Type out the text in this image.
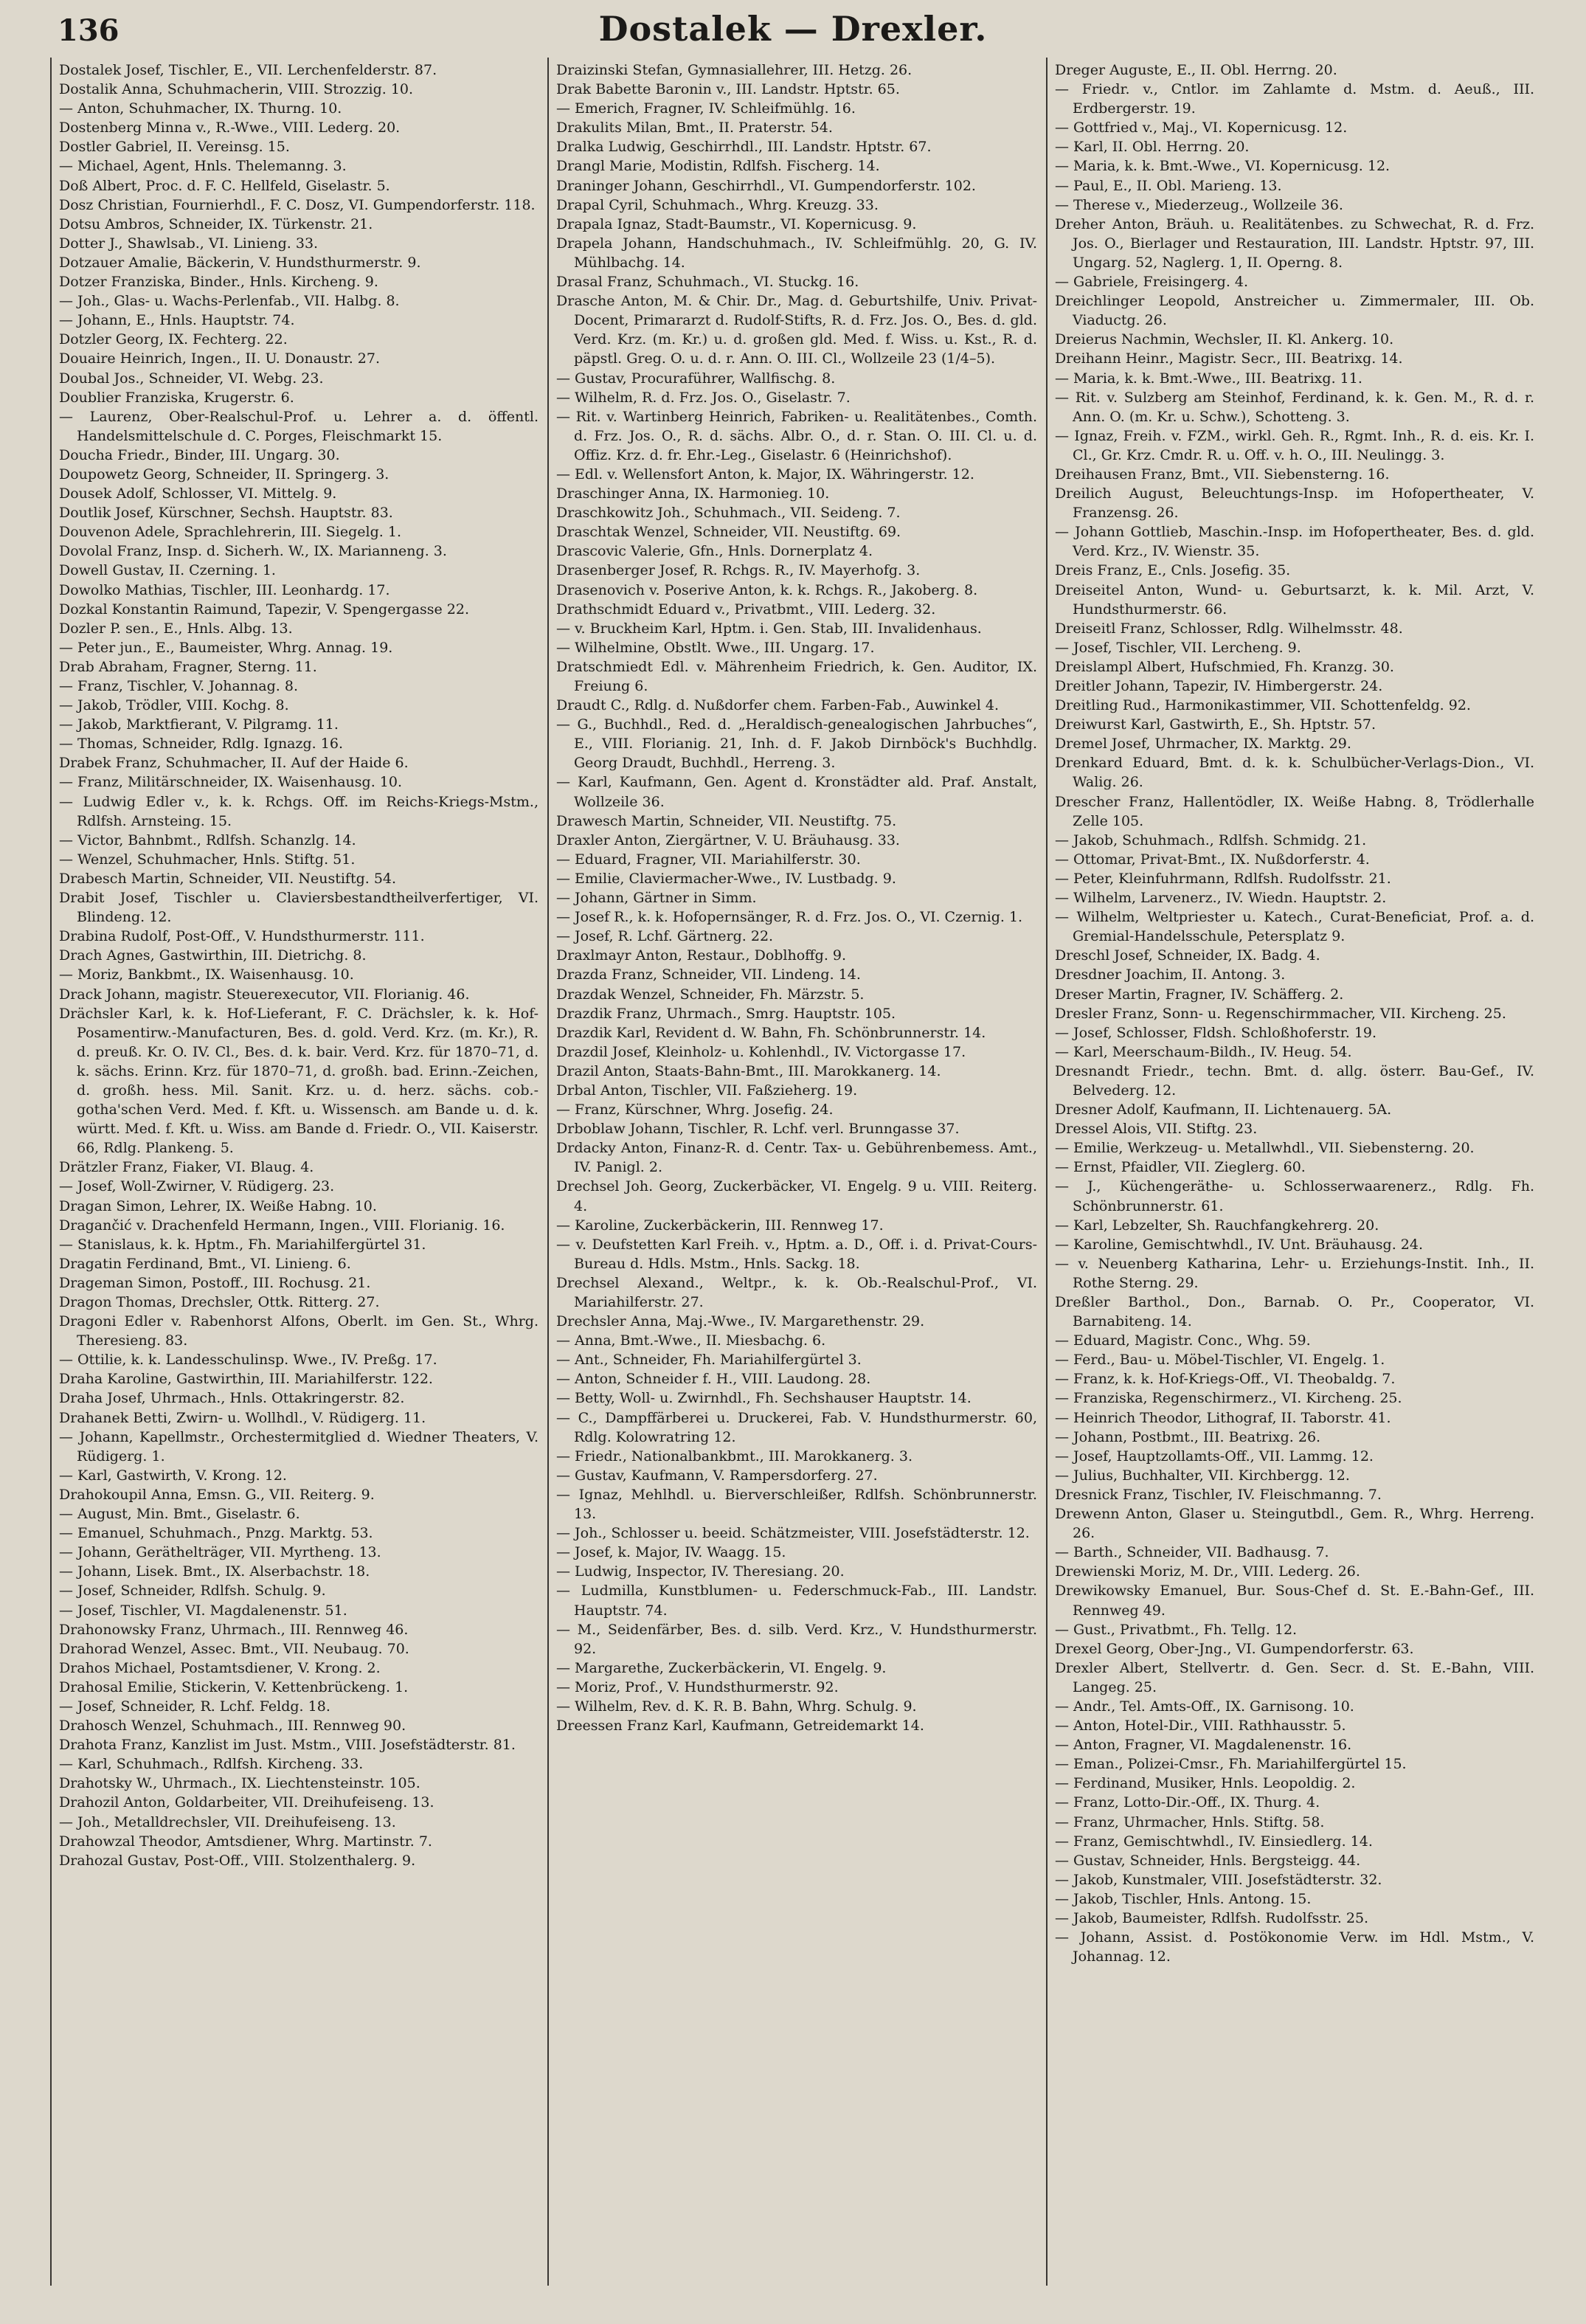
136	Dostalek — Drexler.

Dostalek Josef, Tischler, E., VII. Lerchenfelderstr. 87.

Dostalik Anna, Schuhmacherin, VIII. Strozzig. 10.

— Anton, Schuhmacher, IX. Thurng. 10.

Dostenberg Minna v., R.-Wwe., VIII. Lederg. 20.

Dostler Gabriel, II. Vereinsg. 15.

— Michael, Agent, Hnls. Thelemanng. 3.

Doß Albert, Proc. d. F. C. Hellfeld, Giselastr. 5.

Dosz Christian, Fournierhdl., F. C. Dosz, VI. Gumpendorferstr. 118.

Dotsu Ambros, Schneider, IX. Türkenstr. 21.

Dotter J., Shawlsab., VI. Linieng. 33.

Dotzauer Amalie, Bäckerin, V. Hundsthurmerstr. 9.

Dotzer Franziska, Binder., Hnls. Kircheng. 9.

— Joh., Glas- u. Wachs-Perlenfab., VII. Halbg. 8.

— Johann, E., Hnls. Hauptstr. 74.

Dotzler Georg, IX. Fechterg. 22.

Douaire Heinrich, Ingen., II. U. Donaustr. 27.

Doubal Jos., Schneider, VI. Webg. 23.

Doublier Franziska, Krugerstr. 6.

— Laurenz, Ober-Realschul-Prof. u. Lehrer a. d. öffentl. Handelsmittelschule d. C. Porges, Fleischmarkt 15.

Doucha Friedr., Binder, III. Ungarg. 30.

Doupowetz Georg, Schneider, II. Springerg. 3.

Dousek Adolf, Schlosser, VI. Mittelg. 9.

Doutlik Josef, Kürschner, Sechsh. Hauptstr. 83.

Douvenon Adele, Sprachlehrerin, III. Siegelg. 1.

Dovolal Franz, Insp. d. Sicherh. W., IX. Marianneng. 3.

Dowell Gustav, II. Czerning. 1.

Dowolko Mathias, Tischler, III. Leonhardg. 17.

Dozkal Konstantin Raimund, Tapezir, V. Spengergasse 22.

Dozler P. sen., E., Hnls. Albg. 13.

— Peter jun., E., Baumeister, Whrg. Annag. 19.

Drab Abraham, Fragner, Sterng. 11.

— Franz, Tischler, V. Johannag. 8.

— Jakob, Trödler, VIII. Kochg. 8.

— Jakob, Marktfierant, V. Pilgramg. 11.

— Thomas, Schneider, Rdlg. Ignazg. 16.

Drabek Franz, Schuhmacher, II. Auf der Haide 6.

— Franz, Militärschneider, IX. Waisenhausg. 10.

— Ludwig Edler v., k. k. Rchgs. Off. im Reichs-Kriegs-Mstm., Rdlfsh. Arnsteing. 15.

— Victor, Bahnbmt., Rdlfsh. Schanzlg. 14.

— Wenzel, Schuhmacher, Hnls. Stiftg. 51.

Drabesch Martin, Schneider, VII. Neustiftg. 54.

Drabit Josef, Tischler u. Claviersbestandtheilverfertiger, VI. Blindeng. 12.

Drabina Rudolf, Post-Off., V. Hundsthurmerstr. 111.

Drach Agnes, Gastwirthin, III. Dietrichg. 8.

— Moriz, Bankbmt., IX. Waisenhausg. 10.

Drack Johann, magistr. Steuerexecutor, VII. Florianig. 46.

Drächsler Karl, k. k. Hof-Lieferant, F. C. Drächsler, k. k. Hof-Posamentirw.-Manufacturen, Bes. d. gold. Verd. Krz. (m. Kr.), R. d. preuß. Kr. O. IV. Cl., Bes. d. k. bair. Verd. Krz. für 1870–71, d. k. sächs. Erinn. Krz. für 1870–71, d. großh. bad. Erinn.-Zeichen, d. großh. hess. Mil. Sanit. Krz. u. d. herz. sächs. cob.-gotha'schen Verd. Med. f. Kft. u. Wissensch. am Bande u. d. k. württ. Med. f. Kft. u. Wiss. am Bande d. Friedr. O., VII. Kaiserstr. 66, Rdlg. Plankeng. 5.

Drätzler Franz, Fiaker, VI. Blaug. 4.

— Josef, Woll-Zwirner, V. Rüdigerg. 23.

Dragan Simon, Lehrer, IX. Weiße Habng. 10.

Dragančić v. Drachenfeld Hermann, Ingen., VIII. Florianig. 16.

— Stanislaus, k. k. Hptm., Fh. Mariahilfergürtel 31.

Dragatin Ferdinand, Bmt., VI. Linieng. 6.

Drageman Simon, Postoff., III. Rochusg. 21.

Dragon Thomas, Drechsler, Ottk. Ritterg. 27.

Dragoni Edler v. Rabenhorst Alfons, Oberlt. im Gen. St., Whrg. Theresieng. 83.

— Ottilie, k. k. Landesschulinsp. Wwe., IV. Preßg. 17.

Draha Karoline, Gastwirthin, III. Mariahilferstr. 122.

Draha Josef, Uhrmach., Hnls. Ottakringerstr. 82.

Drahanek Betti, Zwirn- u. Wollhdl., V. Rüdigerg. 11.

— Johann, Kapellmstr., Orchestermitglied d. Wiedner Theaters, V. Rüdigerg. 1.

— Karl, Gastwirth, V. Krong. 12.

Drahokoupil Anna, Emsn. G., VII. Reiterg. 9.

— August, Min. Bmt., Giselastr. 6.

— Emanuel, Schuhmach., Pnzg. Marktg. 53.

— Johann, Geräthelträger, VII. Myrtheng. 13.

— Johann, Lisek. Bmt., IX. Alserbachstr. 18.

— Josef, Schneider, Rdlfsh. Schulg. 9.

— Josef, Tischler, VI. Magdalenenstr. 51.

Drahonowsky Franz, Uhrmach., III. Rennweg 46.

Drahorad Wenzel, Assec. Bmt., VII. Neubaug. 70.

Drahos Michael, Postamtsdiener, V. Krong. 2.

Drahosal Emilie, Stickerin, V. Kettenbrückeng. 1.

— Josef, Schneider, R. Lchf. Feldg. 18.

Drahosch Wenzel, Schuhmach., III. Rennweg 90.

Drahota Franz, Kanzlist im Just. Mstm., VIII. Josefstädterstr. 81.

— Karl, Schuhmach., Rdlfsh. Kircheng. 33.

Drahotsky W., Uhrmach., IX. Liechtensteinstr. 105.

Drahozil Anton, Goldarbeiter, VII. Dreihufeiseng. 13.

— Joh., Metalldrechsler, VII. Dreihufeiseng. 13.

Drahowzal Theodor, Amtsdiener, Whrg. Martinstr. 7.

Drahozal Gustav, Post-Off., VIII. Stolzenthalerg. 9.

Draizinski Stefan, Gymnasiallehrer, III. Hetzg. 26.

Drak Babette Baronin v., III. Landstr. Hptstr. 65.

— Emerich, Fragner, IV. Schleifmühlg. 16.

Drakulits Milan, Bmt., II. Praterstr. 54.

Dralka Ludwig, Geschirrhdl., III. Landstr. Hptstr. 67.

Drangl Marie, Modistin, Rdlfsh. Fischerg. 14.

Draninger Johann, Geschirrhdl., VI. Gumpendorferstr. 102.

Drapal Cyril, Schuhmach., Whrg. Kreuzg. 33.

Drapala Ignaz, Stadt-Baumstr., VI. Kopernicusg. 9.

Drapela Johann, Handschuhmach., IV. Schleifmühlg. 20, G. IV. Mühlbachg. 14.

Drasal Franz, Schuhmach., VI. Stuckg. 16.

Drasche Anton, M. & Chir. Dr., Mag. d. Geburtshilfe, Univ. Privat-Docent, Primararzt d. Rudolf-Stifts, R. d. Frz. Jos. O., Bes. d. gld. Verd. Krz. (m. Kr.) u. d. großen gld. Med. f. Wiss. u. Kst., R. d. päpstl. Greg. O. u. d. r. Ann. O. III. Cl., Wollzeile 23 (1/4–5).

— Gustav, Procuraführer, Wallfischg. 8.

— Wilhelm, R. d. Frz. Jos. O., Giselastr. 7.

— Rit. v. Wartinberg Heinrich, Fabriken- u. Realitätenbes., Comth. d. Frz. Jos. O., R. d. sächs. Albr. O., d. r. Stan. O. III. Cl. u. d. Offiz. Krz. d. fr. Ehr.-Leg., Giselastr. 6 (Heinrichshof).

— Edl. v. Wellensfort Anton, k. Major, IX. Währingerstr. 12.

Draschinger Anna, IX. Harmonieg. 10.

Draschkowitz Joh., Schuhmach., VII. Seideng. 7.

Draschtak Wenzel, Schneider, VII. Neustiftg. 69.

Drascovic Valerie, Gfn., Hnls. Dornerplatz 4.

Drasenberger Josef, R. Rchgs. R., IV. Mayerhofg. 3.

Drasenovich v. Poserive Anton, k. k. Rchgs. R., Jakoberg. 8.

Drathschmidt Eduard v., Privatbmt., VIII. Lederg. 32.

— v. Bruckheim Karl, Hptm. i. Gen. Stab, III. Invalidenhaus.

— Wilhelmine, Obstlt. Wwe., III. Ungarg. 17.

Dratschmiedt Edl. v. Mährenheim Friedrich, k. Gen. Auditor, IX. Freiung 6.

Draudt C., Rdlg. d. Nußdorfer chem. Farben-Fab., Auwinkel 4.

— G., Buchhdl., Red. d. „Heraldisch-genealogischen Jahrbuches“, E., VIII. Florianig. 21, Inh. d. F. Jakob Dirnböck's Buchhdlg. Georg Draudt, Buchhdl., Herreng. 3.

— Karl, Kaufmann, Gen. Agent d. Kronstädter ald. Praf. Anstalt, Wollzeile 36.

Drawesch Martin, Schneider, VII. Neustiftg. 75.

Draxler Anton, Ziergärtner, V. U. Bräuhausg. 33.

— Eduard, Fragner, VII. Mariahilferstr. 30.

— Emilie, Claviermacher-Wwe., IV. Lustbadg. 9.

— Johann, Gärtner in Simm.

— Josef R., k. k. Hofopernsänger, R. d. Frz. Jos. O., VI. Czernig. 1.

— Josef, R. Lchf. Gärtnerg. 22.

Draxlmayr Anton, Restaur., Doblhoffg. 9.

Drazda Franz, Schneider, VII. Lindeng. 14.

Drazdak Wenzel, Schneider, Fh. Märzstr. 5.

Drazdik Franz, Uhrmach., Smrg. Hauptstr. 105.

Drazdik Karl, Revident d. W. Bahn, Fh. Schönbrunnerstr. 14.

Drazdil Josef, Kleinholz- u. Kohlenhdl., IV. Victorgasse 17.

Drazil Anton, Staats-Bahn-Bmt., III. Marokkanerg. 14.

Drbal Anton, Tischler, VII. Faßzieherg. 19.

— Franz, Kürschner, Whrg. Josefig. 24.

Drboblaw Johann, Tischler, R. Lchf. verl. Brunngasse 37.

Drdacky Anton, Finanz-R. d. Centr. Tax- u. Gebührenbemess. Amt., IV. Panigl. 2.

Drechsel Joh. Georg, Zuckerbäcker, VI. Engelg. 9 u. VIII. Reiterg. 4.

— Karoline, Zuckerbäckerin, III. Rennweg 17.

— v. Deufstetten Karl Freih. v., Hptm. a. D., Off. i. d. Privat-Cours-Bureau d. Hdls. Mstm., Hnls. Sackg. 18.

Drechsel Alexand., Weltpr., k. k. Ob.-Realschul-Prof., VI. Mariahilferstr. 27.

Drechsler Anna, Maj.-Wwe., IV. Margarethenstr. 29.

— Anna, Bmt.-Wwe., II. Miesbachg. 6.

— Ant., Schneider, Fh. Mariahilfergürtel 3.

— Anton, Schneider f. H., VIII. Laudong. 28.

— Betty, Woll- u. Zwirnhdl., Fh. Sechshauser Hauptstr. 14.

— C., Dampffärberei u. Druckerei, Fab. V. Hundsthurmerstr. 60, Rdlg. Kolowratring 12.

— Friedr., Nationalbankbmt., III. Marokkanerg. 3.

— Gustav, Kaufmann, V. Rampersdorferg. 27.

— Ignaz, Mehlhdl. u. Bierverschleißer, Rdlfsh. Schönbrunnerstr. 13.

— Joh., Schlosser u. beeid. Schätzmeister, VIII. Josefstädterstr. 12.

— Josef, k. Major, IV. Waagg. 15.

— Ludwig, Inspector, IV. Theresiang. 20.

— Ludmilla, Kunstblumen- u. Federschmuck-Fab., III. Landstr. Hauptstr. 74.

— M., Seidenfärber, Bes. d. silb. Verd. Krz., V. Hundsthurmerstr. 92.

— Margarethe, Zuckerbäckerin, VI. Engelg. 9.

— Moriz, Prof., V. Hundsthurmerstr. 92.

— Wilhelm, Rev. d. K. R. B. Bahn, Whrg. Schulg. 9.

Dreessen Franz Karl, Kaufmann, Getreidemarkt 14.

Dreger Auguste, E., II. Obl. Herrng. 20.

— Friedr. v., Cntlor. im Zahlamte d. Mstm. d. Aeuß., III. Erdbergerstr. 19.

— Gottfried v., Maj., VI. Kopernicusg. 12.

— Karl, II. Obl. Herrng. 20.

— Maria, k. k. Bmt.-Wwe., VI. Kopernicusg. 12.

— Paul, E., II. Obl. Marieng. 13.

— Therese v., Miederzeug., Wollzeile 36.

Dreher Anton, Bräuh. u. Realitätenbes. zu Schwechat, R. d. Frz. Jos. O., Bierlager und Restauration, III. Landstr. Hptstr. 97, III. Ungarg. 52, Naglerg. 1, II. Operng. 8.

— Gabriele, Freisingerg. 4.

Dreichlinger Leopold, Anstreicher u. Zimmermaler, III. Ob. Viaductg. 26.

Dreierus Nachmin, Wechsler, II. Kl. Ankerg. 10.

Dreihann Heinr., Magistr. Secr., III. Beatrixg. 14.

— Maria, k. k. Bmt.-Wwe., III. Beatrixg. 11.

— Rit. v. Sulzberg am Steinhof, Ferdinand, k. k. Gen. M., R. d. r. Ann. O. (m. Kr. u. Schw.), Schotteng. 3.

— Ignaz, Freih. v. FZM., wirkl. Geh. R., Rgmt. Inh., R. d. eis. Kr. I. Cl., Gr. Krz. Cmdr. R. u. Off. v. h. O., III. Neulingg. 3.

Dreihausen Franz, Bmt., VII. Siebensterng. 16.

Dreilich August, Beleuchtungs-Insp. im Hofopertheater, V. Franzensg. 26.

— Johann Gottlieb, Maschin.-Insp. im Hofopertheater, Bes. d. gld. Verd. Krz., IV. Wienstr. 35.

Dreis Franz, E., Cnls. Josefig. 35.

Dreiseitel Anton, Wund- u. Geburtsarzt, k. k. Mil. Arzt, V. Hundsthurmerstr. 66.

Dreiseitl Franz, Schlosser, Rdlg. Wilhelmsstr. 48.

— Josef, Tischler, VII. Lercheng. 9.

Dreislampl Albert, Hufschmied, Fh. Kranzg. 30.

Dreitler Johann, Tapezir, IV. Himbergerstr. 24.

Dreitling Rud., Harmonikastimmer, VII. Schottenfeldg. 92.

Dreiwurst Karl, Gastwirth, E., Sh. Hptstr. 57.

Dremel Josef, Uhrmacher, IX. Marktg. 29.

Drenkard Eduard, Bmt. d. k. k. Schulbücher-Verlags-Dion., VI. Walig. 26.

Drescher Franz, Hallentödler, IX. Weiße Habng. 8, Trödlerhalle Zelle 105.

— Jakob, Schuhmach., Rdlfsh. Schmidg. 21.

— Ottomar, Privat-Bmt., IX. Nußdorferstr. 4.

— Peter, Kleinfuhrmann, Rdlfsh. Rudolfsstr. 21.

— Wilhelm, Larvenerz., IV. Wiedn. Hauptstr. 2.

— Wilhelm, Weltpriester u. Katech., Curat-Beneficiat, Prof. a. d. Gremial-Handelsschule, Petersplatz 9.

Dreschl Josef, Schneider, IX. Badg. 4.

Dresdner Joachim, II. Antong. 3.

Dreser Martin, Fragner, IV. Schäfferg. 2.

Dresler Franz, Sonn- u. Regenschirmmacher, VII. Kircheng. 25.

— Josef, Schlosser, Fldsh. Schloßhoferstr. 19.

— Karl, Meerschaum-Bildh., IV. Heug. 54.

Dresnandt Friedr., techn. Bmt. d. allg. österr. Bau-Gef., IV. Belvederg. 12.

Dresner Adolf, Kaufmann, II. Lichtenauerg. 5A.

Dressel Alois, VII. Stiftg. 23.

— Emilie, Werkzeug- u. Metallwhdl., VII. Siebensterng. 20.

— Ernst, Pfaidler, VII. Zieglerg. 60.

— J., Küchengeräthe- u. Schlosserwaarenerz., Rdlg. Fh. Schönbrunnerstr. 61.

— Karl, Lebzelter, Sh. Rauchfangkehrerg. 20.

— Karoline, Gemischtwhdl., IV. Unt. Bräuhausg. 24.

— v. Neuenberg Katharina, Lehr- u. Erziehungs-Instit. Inh., II. Rothe Sterng. 29.

Dreßler Barthol., Don., Barnab. O. Pr., Cooperator, VI. Barnabiteng. 14.

— Eduard, Magistr. Conc., Whg. 59.

— Ferd., Bau- u. Möbel-Tischler, VI. Engelg. 1.

— Franz, k. k. Hof-Kriegs-Off., VI. Theobaldg. 7.

— Franziska, Regenschirmerz., VI. Kircheng. 25.

— Heinrich Theodor, Lithograf, II. Taborstr. 41.

— Johann, Postbmt., III. Beatrixg. 26.

— Josef, Hauptzollamts-Off., VII. Lammg. 12.

— Julius, Buchhalter, VII. Kirchbergg. 12.

Dresnick Franz, Tischler, IV. Fleischmanng. 7.

Drewenn Anton, Glaser u. Steingutbdl., Gem. R., Whrg. Herreng. 26.

— Barth., Schneider, VII. Badhausg. 7.

Drewienski Moriz, M. Dr., VIII. Lederg. 26.

Drewikowsky Emanuel, Bur. Sous-Chef d. St. E.-Bahn-Gef., III. Rennweg 49.

— Gust., Privatbmt., Fh. Tellg. 12.

Drexel Georg, Ober-Jng., VI. Gumpendorferstr. 63.

Drexler Albert, Stellvertr. d. Gen. Secr. d. St. E.-Bahn, VIII. Langeg. 25.

— Andr., Tel. Amts-Off., IX. Garnisong. 10.

— Anton, Hotel-Dir., VIII. Rathhausstr. 5.

— Anton, Fragner, VI. Magdalenenstr. 16.

— Eman., Polizei-Cmsr., Fh. Mariahilfergürtel 15.

— Ferdinand, Musiker, Hnls. Leopoldig. 2.

— Franz, Lotto-Dir.-Off., IX. Thurg. 4.

— Franz, Uhrmacher, Hnls. Stiftg. 58.

— Franz, Gemischtwhdl., IV. Einsiedlerg. 14.

— Gustav, Schneider, Hnls. Bergsteigg. 44.

— Jakob, Kunstmaler, VIII. Josefstädterstr. 32.

— Jakob, Tischler, Hnls. Antong. 15.

— Jakob, Baumeister, Rdlfsh. Rudolfsstr. 25.

— Johann, Assist. d. Postökonomie Verw. im Hdl. Mstm., V. Johannag. 12.
